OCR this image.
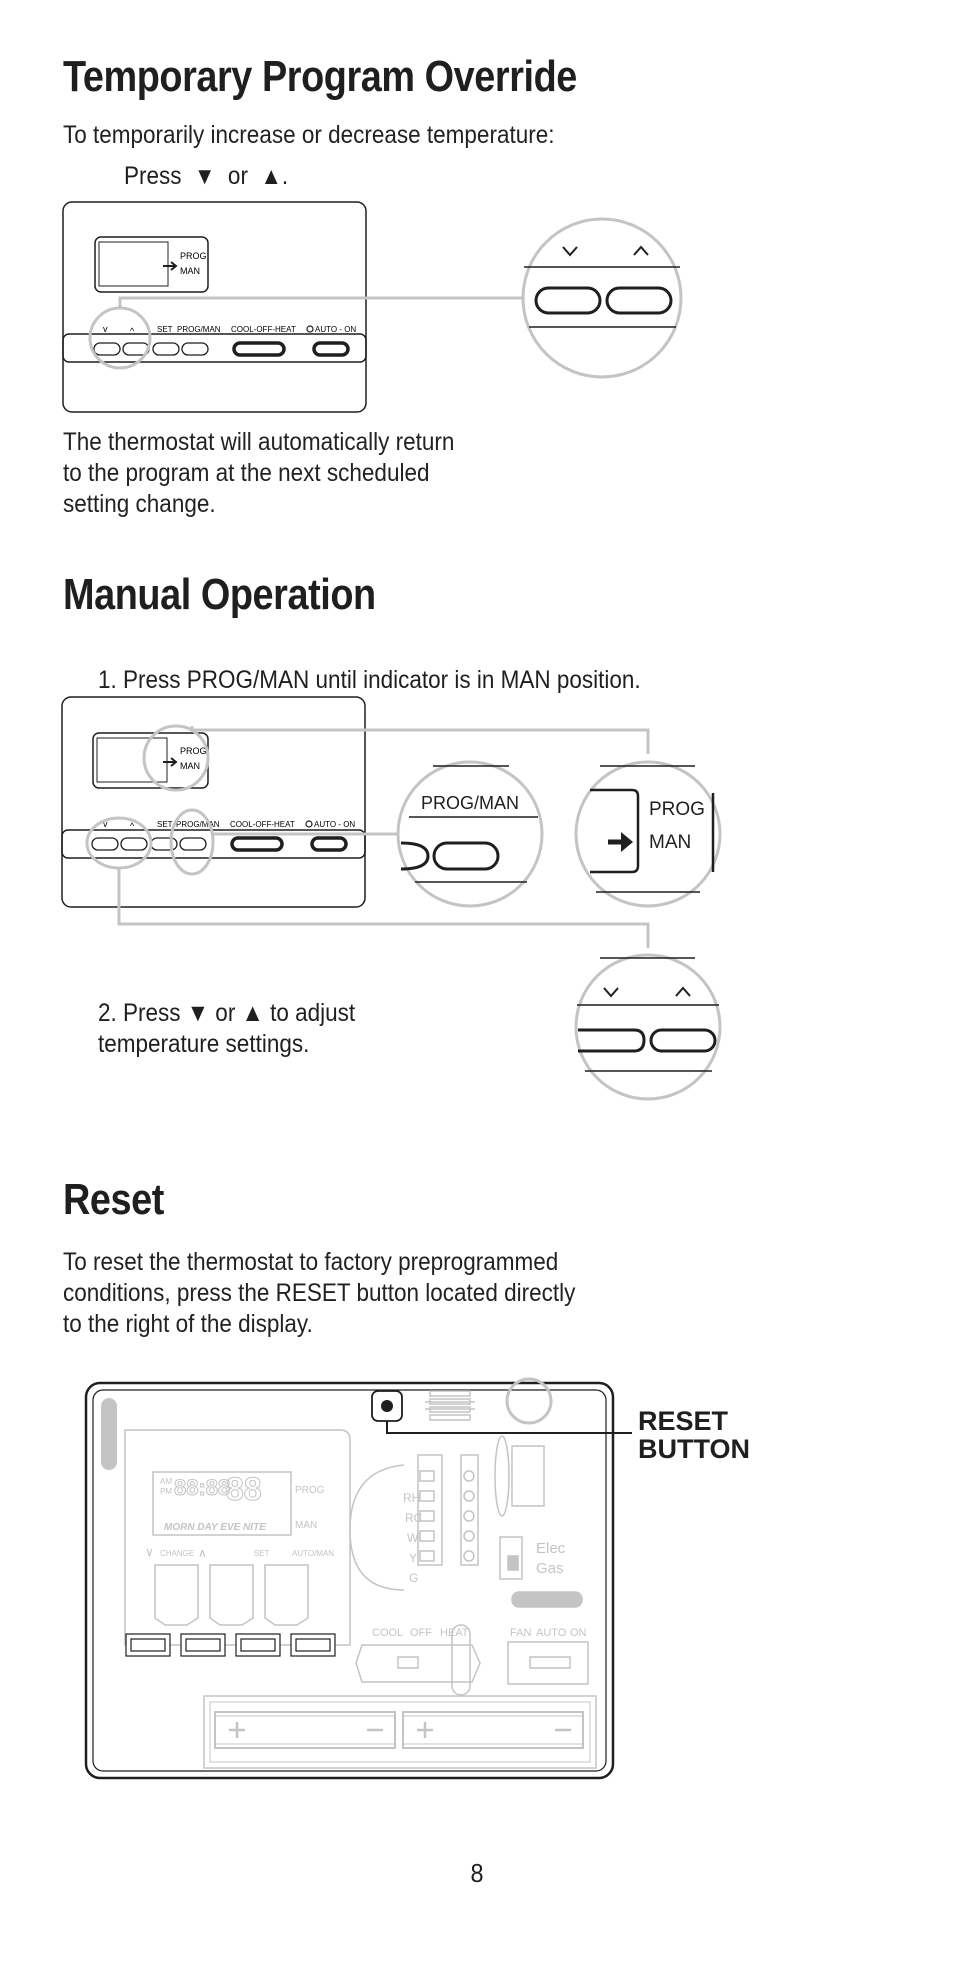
Temporary Program Override

To temporarily increase or decrease temperature:

Press ▼ or ▲.
PROG
MAN
v	^	SET PROG/MAN COOL-OFF-HEAT AUTO - ON

The thermostat will automatically return
to the program at the next scheduled
setting change.

Manual Operation

1. Press PROG/MAN until indicator is in MAN position.

PROG
MAN
v	^	SET PROG/MAN COOL-OFF-HEAT AUTO - ON
PROG/MAN	PROG
MAN

2. Press ▼ or ▲ to adjust
temperature settings.

Reset

To reset the thermostat to factory preprogrammed
conditions, press the RESET button located directly
to the right of the display.

AM
PM 88:88
88
MORN DAY EVE NITE
PROG
MAN
∨ CHANGE ∧	SET	AUTO/MAN
RESET
BUTTON
RH
RC
W
Y
G
Elec
Gas
COOL OFF HEAT	FAN AUTO ON
8
